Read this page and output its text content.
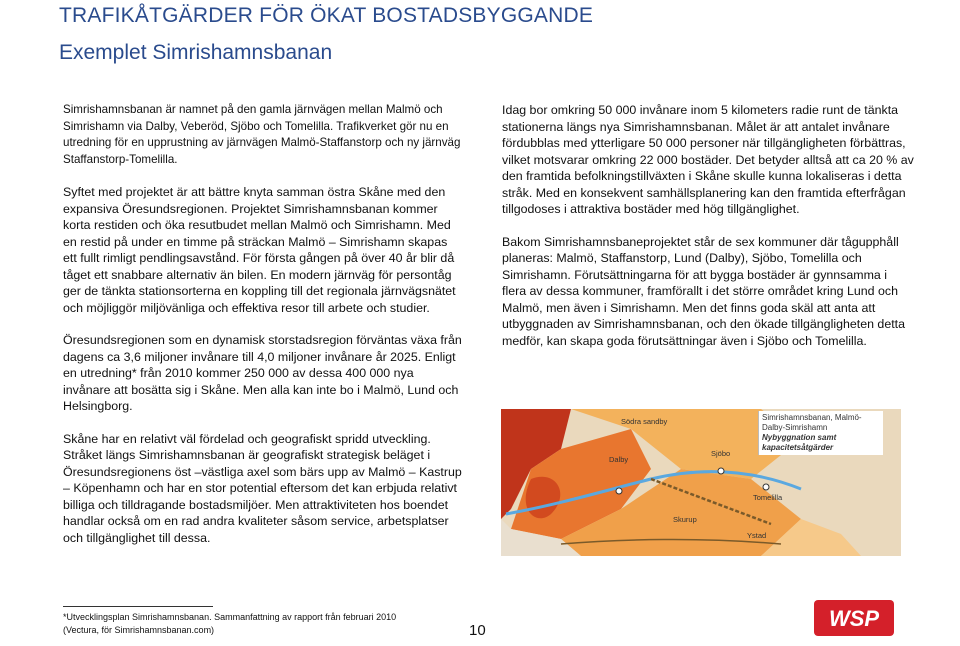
TRAFIKÅTGÄRDER FÖR ÖKAT BOSTADSBYGGANDE
Exemplet Simrishamnsbanan

Simrishamnsbanan är namnet på den gamla järnvägen mellan Malmö och Simrishamn via Dalby, Veberöd, Sjöbo och Tomelilla. Trafikverket gör nu en utredning för en upprustning av järnvägen Malmö-Staffanstorp och ny järnväg Staffanstorp-Tomelilla.

Syftet med projektet är att bättre knyta samman östra Skåne med den expansiva Öresundsregionen. Projektet Simrishamnsbanan kommer korta restiden och öka resutbudet mellan Malmö och Simrishamn. Med en restid på under en timme på sträckan Malmö – Simrishamn skapas ett fullt rimligt pendlingsavstånd. För första gången på över 40 år blir då tåget ett snabbare alternativ än bilen. En modern järnväg för persontåg ger de tänkta stationsorterna en koppling till det regionala järnvägsnätet och möjliggör miljövänliga och effektiva resor till arbete och studier.

Öresundsregionen som en dynamisk storstadsregion förväntas växa från dagens ca 3,6 miljoner invånare till 4,0 miljoner invånare år 2025. Enligt en utredning* från 2010 kommer 250 000 av dessa 400 000 nya invånare att bosätta sig i Skåne. Men alla kan inte bo i Malmö, Lund och Helsingborg.

Skåne har en relativt väl fördelad och geografiskt spridd utveckling. Stråket längs Simrishamnsbanan är geografiskt strategisk beläget i Öresundsregionens öst –västliga axel som bärs upp av Malmö – Kastrup – Köpenhamn och har en stor potential eftersom det kan erbjuda relativt billiga och tilldragande bostadsmiljöer. Men attraktiviteten hos boendet handlar också om en rad andra kvaliteter såsom service, arbetsplatser och tillgänglighet till dessa.

Idag bor omkring 50 000 invånare inom 5 kilometers radie runt de tänkta stationerna längs nya Simrishamnsbanan. Målet är att antalet invånare fördubblas med ytterligare 50 000 personer när tillgängligheten förbättras, vilket motsvarar omkring 22 000 bostäder. Det betyder alltså att ca 20 % av den framtida befolkningstillväxten i Skåne skulle kunna lokaliseras i detta stråk. Med en konsekvent samhällsplanering kan den framtida efterfrågan tillgodoses i attraktiva bostäder med hög tillgänglighet.

Bakom Simrishamnsbaneprojektet står de sex kommuner där tågupphåll planeras: Malmö, Staffanstorp, Lund (Dalby), Sjöbo, Tomelilla och Simrishamn. Förutsättningarna för att bygga bostäder är gynnsamma i flera av dessa kommuner, framförallt i det större området kring Lund och Malmö, men även i Simrishamn. Men det finns goda skäl att anta att utbyggnaden av Simrishamnsbanan, och den ökade tillgängligheten detta medför, kan skapa goda förutsättningar även i Sjöbo och Tomelilla.

Södra sandby
Dalby
Sjöbo
Tomelilla
Skurup
Ystad
Simrishamnsbanan, Malmö-
Dalby-Simrishamn
Nybyggnation samt
kapacitetsåtgärder
*Utvecklingsplan Simrishamnsbanan. Sammanfattning av rapport från februari 2010
(Vectura, för Simrishamnsbanan.com)	10	WSP
